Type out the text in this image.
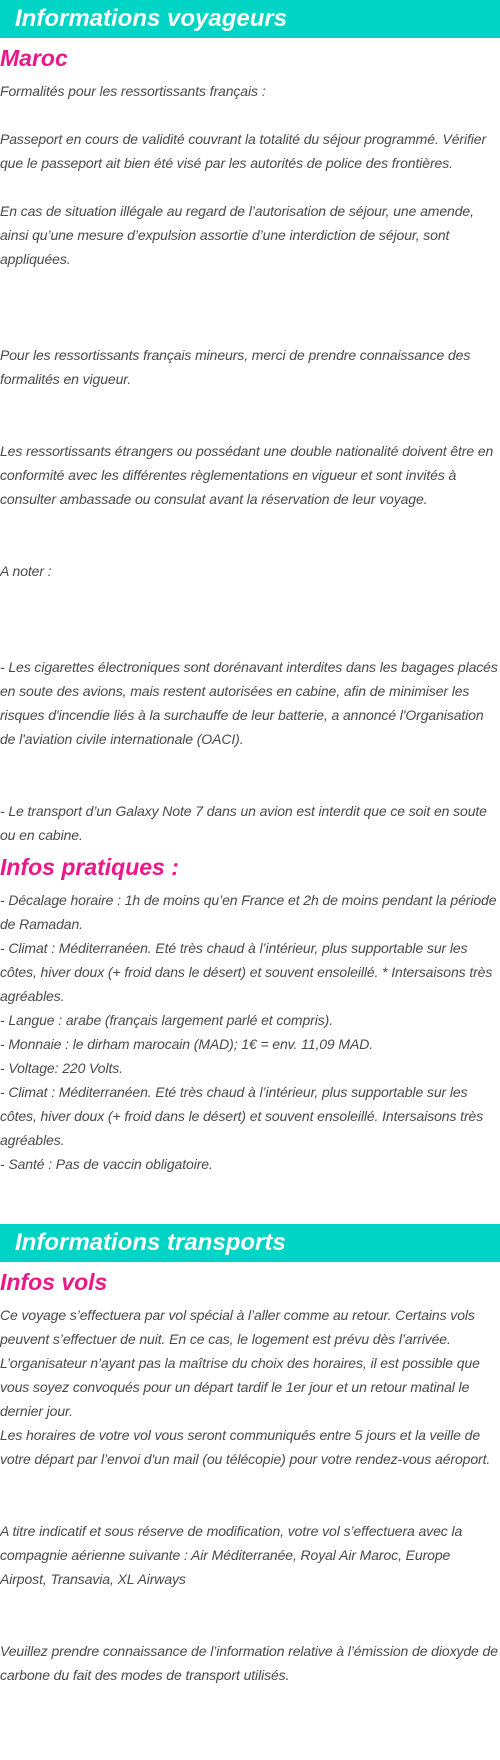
Informations voyageurs
Maroc

Formalités pour les ressortissants français :

Passeport en cours de validité couvrant la totalité du séjour programmé. Vérifier que le passeport ait bien été visé par les autorités de police des frontières.

En cas de situation illégale au regard de l’autorisation de séjour, une amende, ainsi qu’une mesure d’expulsion assortie d’une interdiction de séjour, sont appliquées.

Pour les ressortissants français mineurs, merci de prendre connaissance des formalités en vigueur.

Les ressortissants étrangers ou possédant une double nationalité doivent être en conformité avec les différentes règlementations en vigueur et sont invités à consulter ambassade ou consulat avant la réservation de leur voyage.

A noter :

- Les cigarettes électroniques sont dorénavant interdites dans les bagages placés en soute des avions, mais restent autorisées en cabine, afin de minimiser les risques d'incendie liés à la surchauffe de leur batterie, a annoncé l'Organisation de l'aviation civile internationale (OACI).

- Le transport d’un Galaxy Note 7 dans un avion est interdit que ce soit en soute ou en cabine.

Infos pratiques :

- Décalage horaire : 1h de moins qu’en France et 2h de moins pendant la période de Ramadan.

- Climat : Méditerranéen. Eté très chaud à l’intérieur, plus supportable sur les côtes, hiver doux (+ froid dans le désert) et souvent ensoleillé. * Intersaisons très agréables.

- Langue : arabe (français largement parlé et compris).

- Monnaie : le dirham marocain (MAD); 1€ = env. 11,09 MAD.

- Voltage: 220 Volts.

- Climat : Méditerranéen. Eté très chaud à l’intérieur, plus supportable sur les côtes, hiver doux (+ froid dans le désert) et souvent ensoleillé. Intersaisons très agréables.

- Santé : Pas de vaccin obligatoire.

Informations transports
Infos vols

Ce voyage s’effectuera par vol spécial à l’aller comme au retour. Certains vols peuvent s’effectuer de nuit. En ce cas, le logement est prévu dès l’arrivée. L’organisateur n’ayant pas la maîtrise du choix des horaires, il est possible que vous soyez convoqués pour un départ tardif le 1er jour et un retour matinal le dernier jour.

Les horaires de votre vol vous seront communiqués entre 5 jours et la veille de votre départ par l’envoi d'un mail (ou télécopie) pour votre rendez-vous aéroport.

A titre indicatif et sous réserve de modification, votre vol s’effectuera avec la compagnie aérienne suivante : Air Méditerranée, Royal Air Maroc, Europe Airpost, Transavia, XL Airways

Veuillez prendre connaissance de l’information relative à l’émission de dioxyde de carbone du fait des modes de transport utilisés.
